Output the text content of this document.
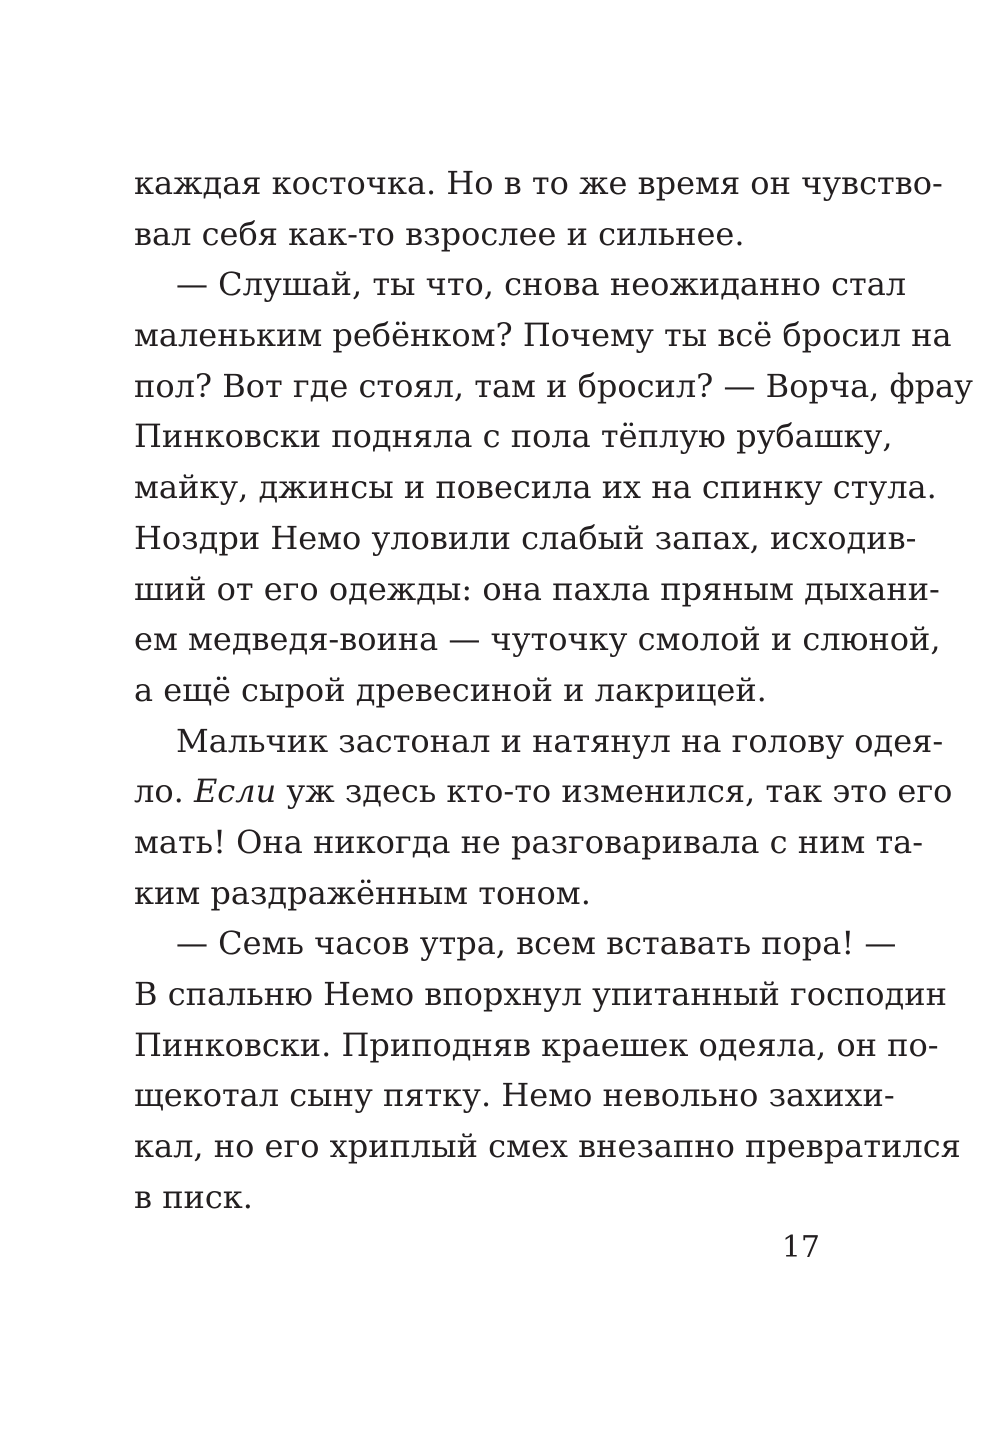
каждая косточка. Но в то же время он чувство-
вал себя как-то взрослее и сильнее.
— Слушай, ты что, снова неожиданно стал
маленьким ребёнком? Почему ты всё бросил на
пол? Вот где стоял, там и бросил? — Ворча, фрау
Пинковски подняла с пола тёплую рубашку,
майку, джинсы и повесила их на спинку стула.
Ноздри Немо уловили слабый запах, исходив-
ший от его одежды: она пахла пряным дыхани-
ем медведя-воина — чуточку смолой и слюной,
а ещё сырой древесиной и лакрицей.
Мальчик застонал и натянул на голову одея-
ло. Если уж здесь кто-то изменился, так это его
мать! Она никогда не разговаривала с ним та-
ким раздражённым тоном.
— Семь часов утра, всем вставать пора! —
В спальню Немо впорхнул упитанный господин
Пинковски. Приподняв краешек одеяла, он по-
щекотал сыну пятку. Немо невольно захихи-
кал, но его хриплый смех внезапно превратился
в писк.
17
